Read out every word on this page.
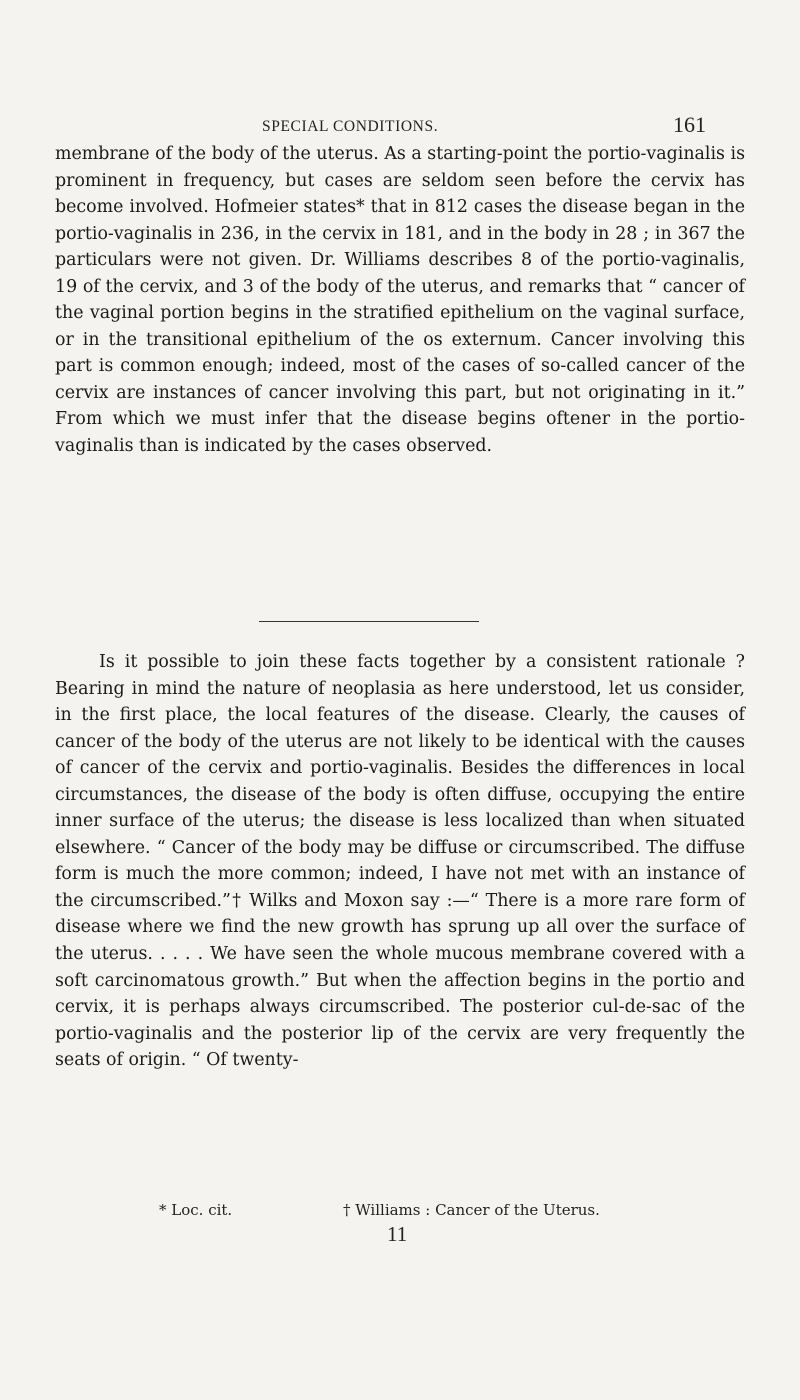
SPECIAL CONDITIONS.	161

membrane of the body of the uterus. As a starting-point the portio-vaginalis is prominent in frequency, but cases are seldom seen before the cervix has become involved. Hofmeier states* that in 812 cases the disease began in the portio-vaginalis in 236, in the cervix in 181, and in the body in 28 ; in 367 the particulars were not given. Dr. Williams describes 8 of the portio-vaginalis, 19 of the cervix, and 3 of the body of the uterus, and remarks that “ cancer of the vaginal portion begins in the stratified epithelium on the vaginal surface, or in the transitional epithelium of the os externum. Cancer involving this part is common enough; indeed, most of the cases of so-called cancer of the cervix are instances of cancer involving this part, but not originating in it.” From which we must infer that the disease begins oftener in the portio-vaginalis than is indicated by the cases observed.

Is it possible to join these facts together by a consistent rationale ? Bearing in mind the nature of neoplasia as here understood, let us consider, in the first place, the local features of the disease. Clearly, the causes of cancer of the body of the uterus are not likely to be identical with the causes of cancer of the cervix and portio-vaginalis. Besides the differences in local circumstances, the disease of the body is often diffuse, occupying the entire inner surface of the uterus; the disease is less localized than when situated elsewhere. “ Cancer of the body may be diffuse or circumscribed. The diffuse form is much the more common; indeed, I have not met with an instance of the circumscribed.”† Wilks and Moxon say :—“ There is a more rare form of disease where we find the new growth has sprung up all over the surface of the uterus. . . . . We have seen the whole mucous membrane covered with a soft carcinomatous growth.” But when the affection begins in the portio and cervix, it is perhaps always circumscribed. The posterior cul-de-sac of the portio-vaginalis and the posterior lip of the cervix are very frequently the seats of origin. “ Of twenty-

* Loc. cit.	† Williams : Cancer of the Uterus.
11
